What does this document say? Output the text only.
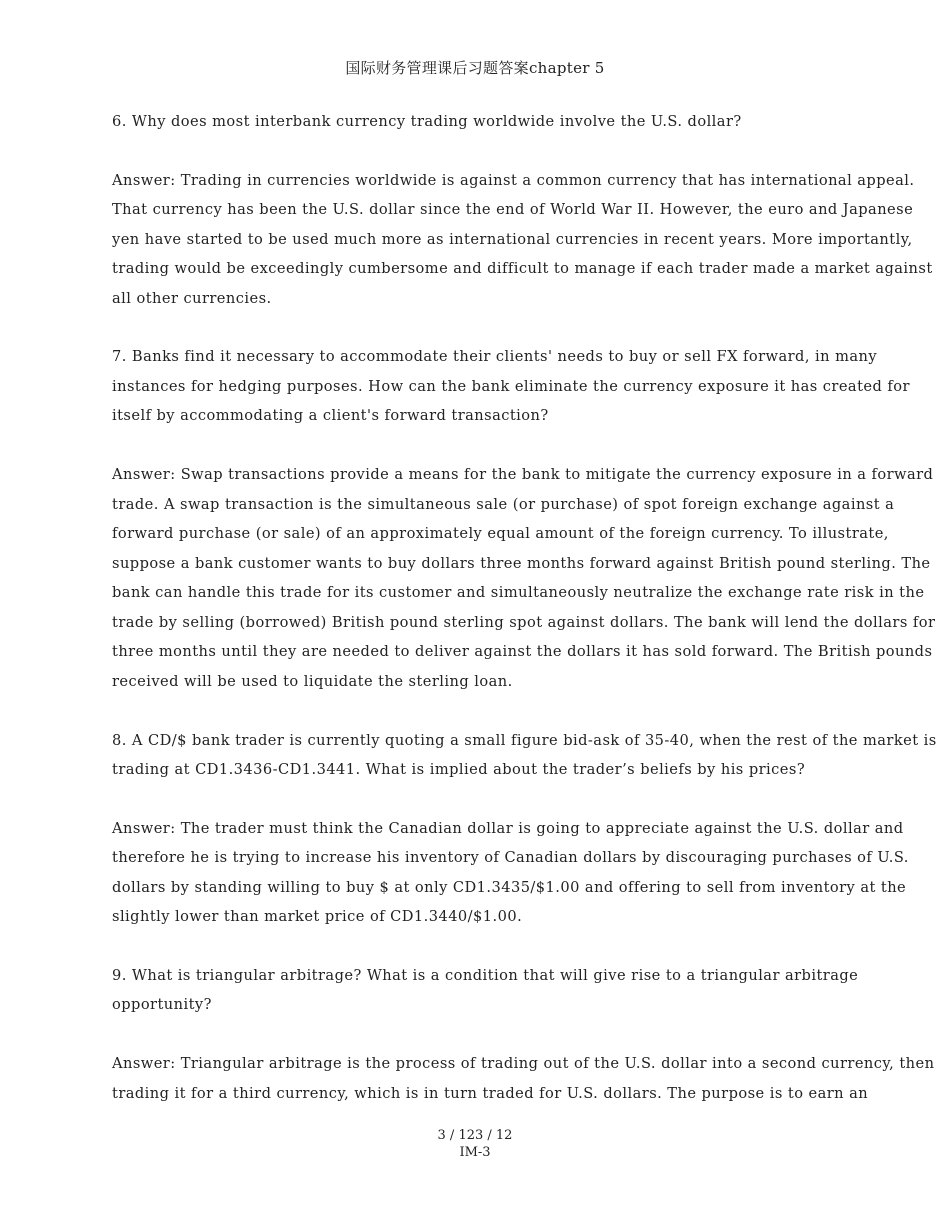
国际财务管理课后习题答案chapter 5
6. Why does most interbank currency trading worldwide involve the U.S. dollar?
Answer: Trading in currencies worldwide is against a common currency that has international appeal.
That currency has been the U.S. dollar since the end of World War II. However, the euro and Japanese
yen have started to be used much more as international currencies in recent years. More importantly,
trading would be exceedingly cumbersome and difficult to manage if each trader made a market against
all other currencies.
7. Banks find it necessary to accommodate their clients' needs to buy or sell FX forward, in many
instances for hedging purposes. How can the bank eliminate the currency exposure it has created for
itself by accommodating a client's forward transaction?
Answer: Swap transactions provide a means for the bank to mitigate the currency exposure in a forward
trade. A swap transaction is the simultaneous sale (or purchase) of spot foreign exchange against a
forward purchase (or sale) of an approximately equal amount of the foreign currency. To illustrate,
suppose a bank customer wants to buy dollars three months forward against British pound sterling. The
bank can handle this trade for its customer and simultaneously neutralize the exchange rate risk in the
trade by selling (borrowed) British pound sterling spot against dollars. The bank will lend the dollars for
three months until they are needed to deliver against the dollars it has sold forward. The British pounds
received will be used to liquidate the sterling loan.
8. A CD/$ bank trader is currently quoting a small figure bid-ask of 35-40, when the rest of the market is
trading at CD1.3436-CD1.3441. What is implied about the trader’s beliefs by his prices?
Answer: The trader must think the Canadian dollar is going to appreciate against the U.S. dollar and
therefore he is trying to increase his inventory of Canadian dollars by discouraging purchases of U.S.
dollars by standing willing to buy $ at only CD1.3435/$1.00 and offering to sell from inventory at the
slightly lower than market price of CD1.3440/$1.00.
9. What is triangular arbitrage? What is a condition that will give rise to a triangular arbitrage
opportunity?
Answer: Triangular arbitrage is the process of trading out of the U.S. dollar into a second currency, then
trading it for a third currency, which is in turn traded for U.S. dollars. The purpose is to earn an
3 / 123 / 12
IM-3
